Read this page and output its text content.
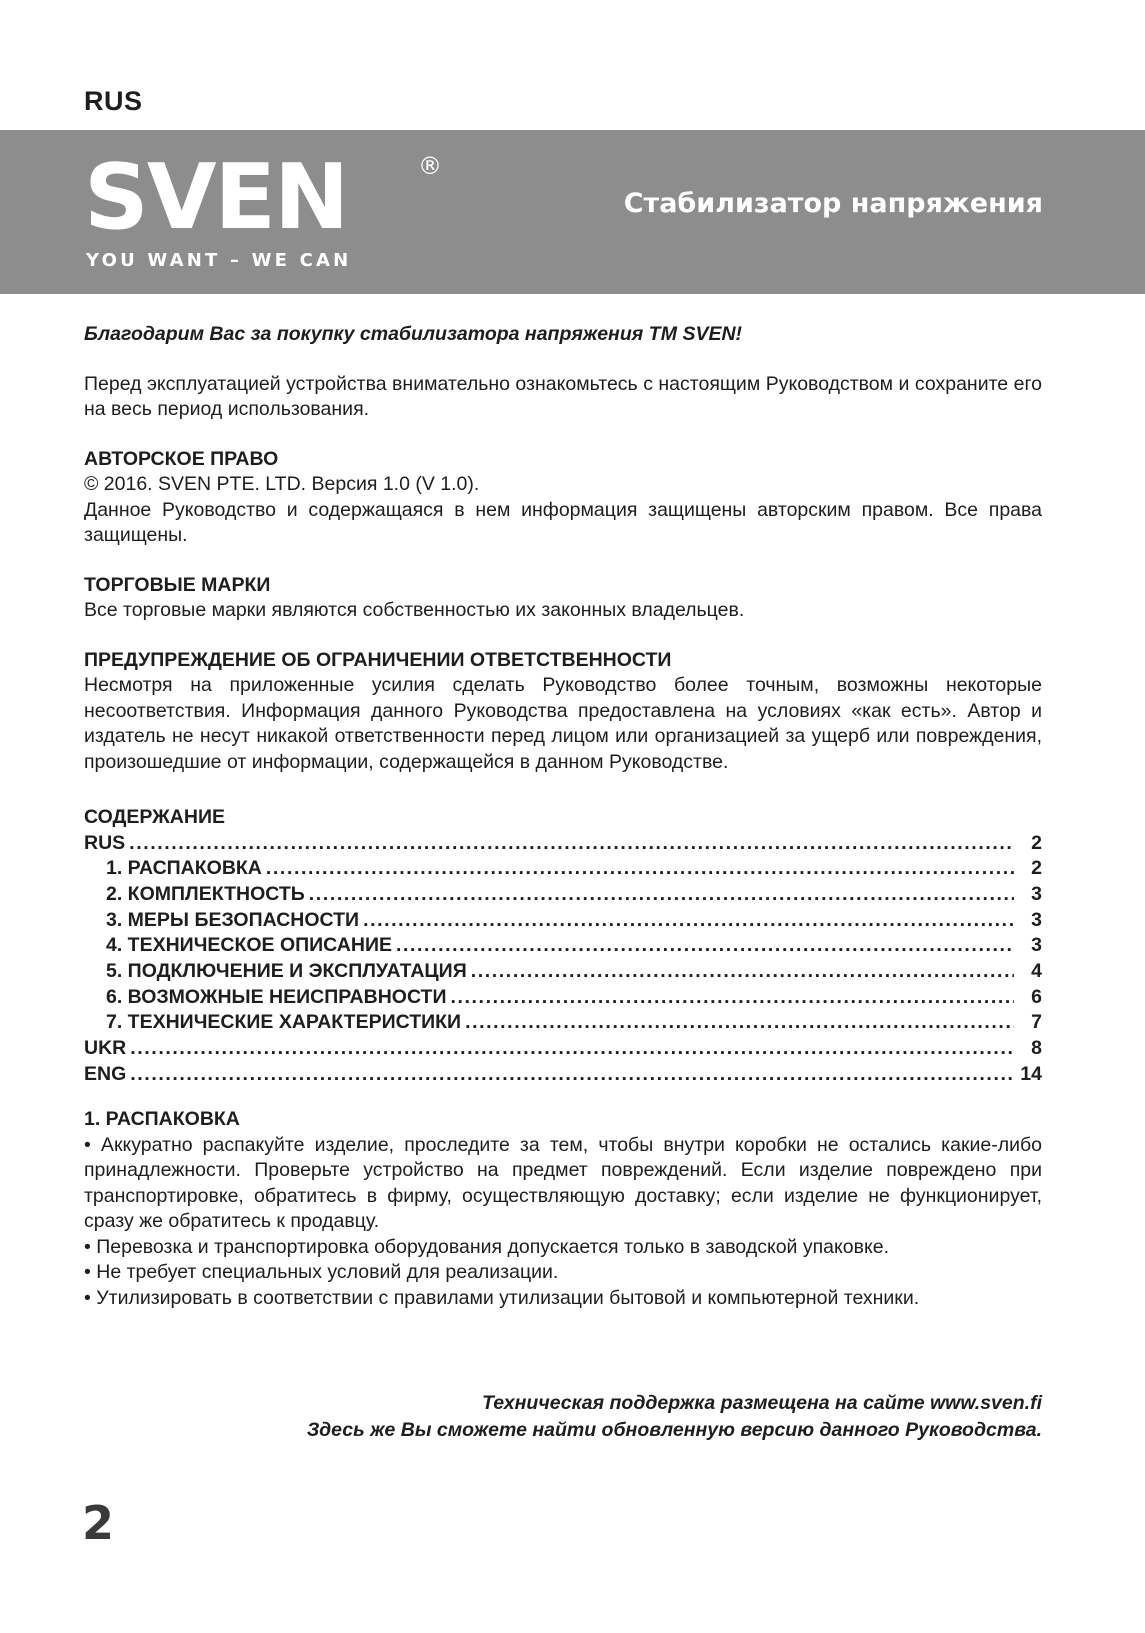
RUS
SVEN	®
YOU WANT – WE CAN
Стабилизатор напряжения

Благодарим Вас за покупку стабилизатора напряжения ТМ SVEN!

Перед эксплуатацией устройства внимательно ознакомьтесь с настоящим Руководством и сохраните его на весь период использования.

АВТОРСКОЕ ПРАВО

© 2016. SVEN PTE. LTD. Версия 1.0 (V 1.0).

Данное Руководство и содержащаяся в нем информация защищены авторским правом. Все права защищены.

ТОРГОВЫЕ МАРКИ

Все торговые марки являются собственностью их законных владельцев.

ПРЕДУПРЕЖДЕНИЕ ОБ ОГРАНИЧЕНИИ ОТВЕТСТВЕННОСТИ

Несмотря на приложенные усилия сделать Руководство более точным, возможны некоторые несоответствия. Информация данного Руководства предоставлена на условиях «как есть». Автор и издатель не несут никакой ответственности перед лицом или организацией за ущерб или повреждения, произошедшие от информации, содержащейся в данном Руководстве.

СОДЕРЖАНИЕ

RUS .....	2
1. РАСПАКОВКА .....	2
2. КОМПЛЕКТНОСТЬ .....	3
3. МЕРЫ БЕЗОПАСНОСТИ .....	3
4. ТЕХНИЧЕСКОЕ ОПИСАНИЕ .....	3
5. ПОДКЛЮЧЕНИЕ И ЭКСПЛУАТАЦИЯ .....	4
6. ВОЗМОЖНЫЕ НЕИСПРАВНОСТИ .....	6
7. ТЕХНИЧЕСКИЕ ХАРАКТЕРИСТИКИ .....	7
UKR .....	8
ENG .....	14

1. РАСПАКОВКА

• Аккуратно распакуйте изделие, проследите за тем, чтобы внутри коробки не остались какие-либо принадлежности. Проверьте устройство на предмет повреждений. Если изделие повреждено при транспортировке, обратитесь в фирму, осуществляющую доставку; если изделие не функционирует, сразу же обратитесь к продавцу.

• Перевозка и транспортировка оборудования допускается только в заводской упаковке.

• Не требует специальных условий для реализации.

• Утилизировать в соответствии с правилами утилизации бытовой и компьютерной техники.

Техническая поддержка размещена на сайте www.sven.fi

Здесь же Вы сможете найти обновленную версию данного Руководства.

2
